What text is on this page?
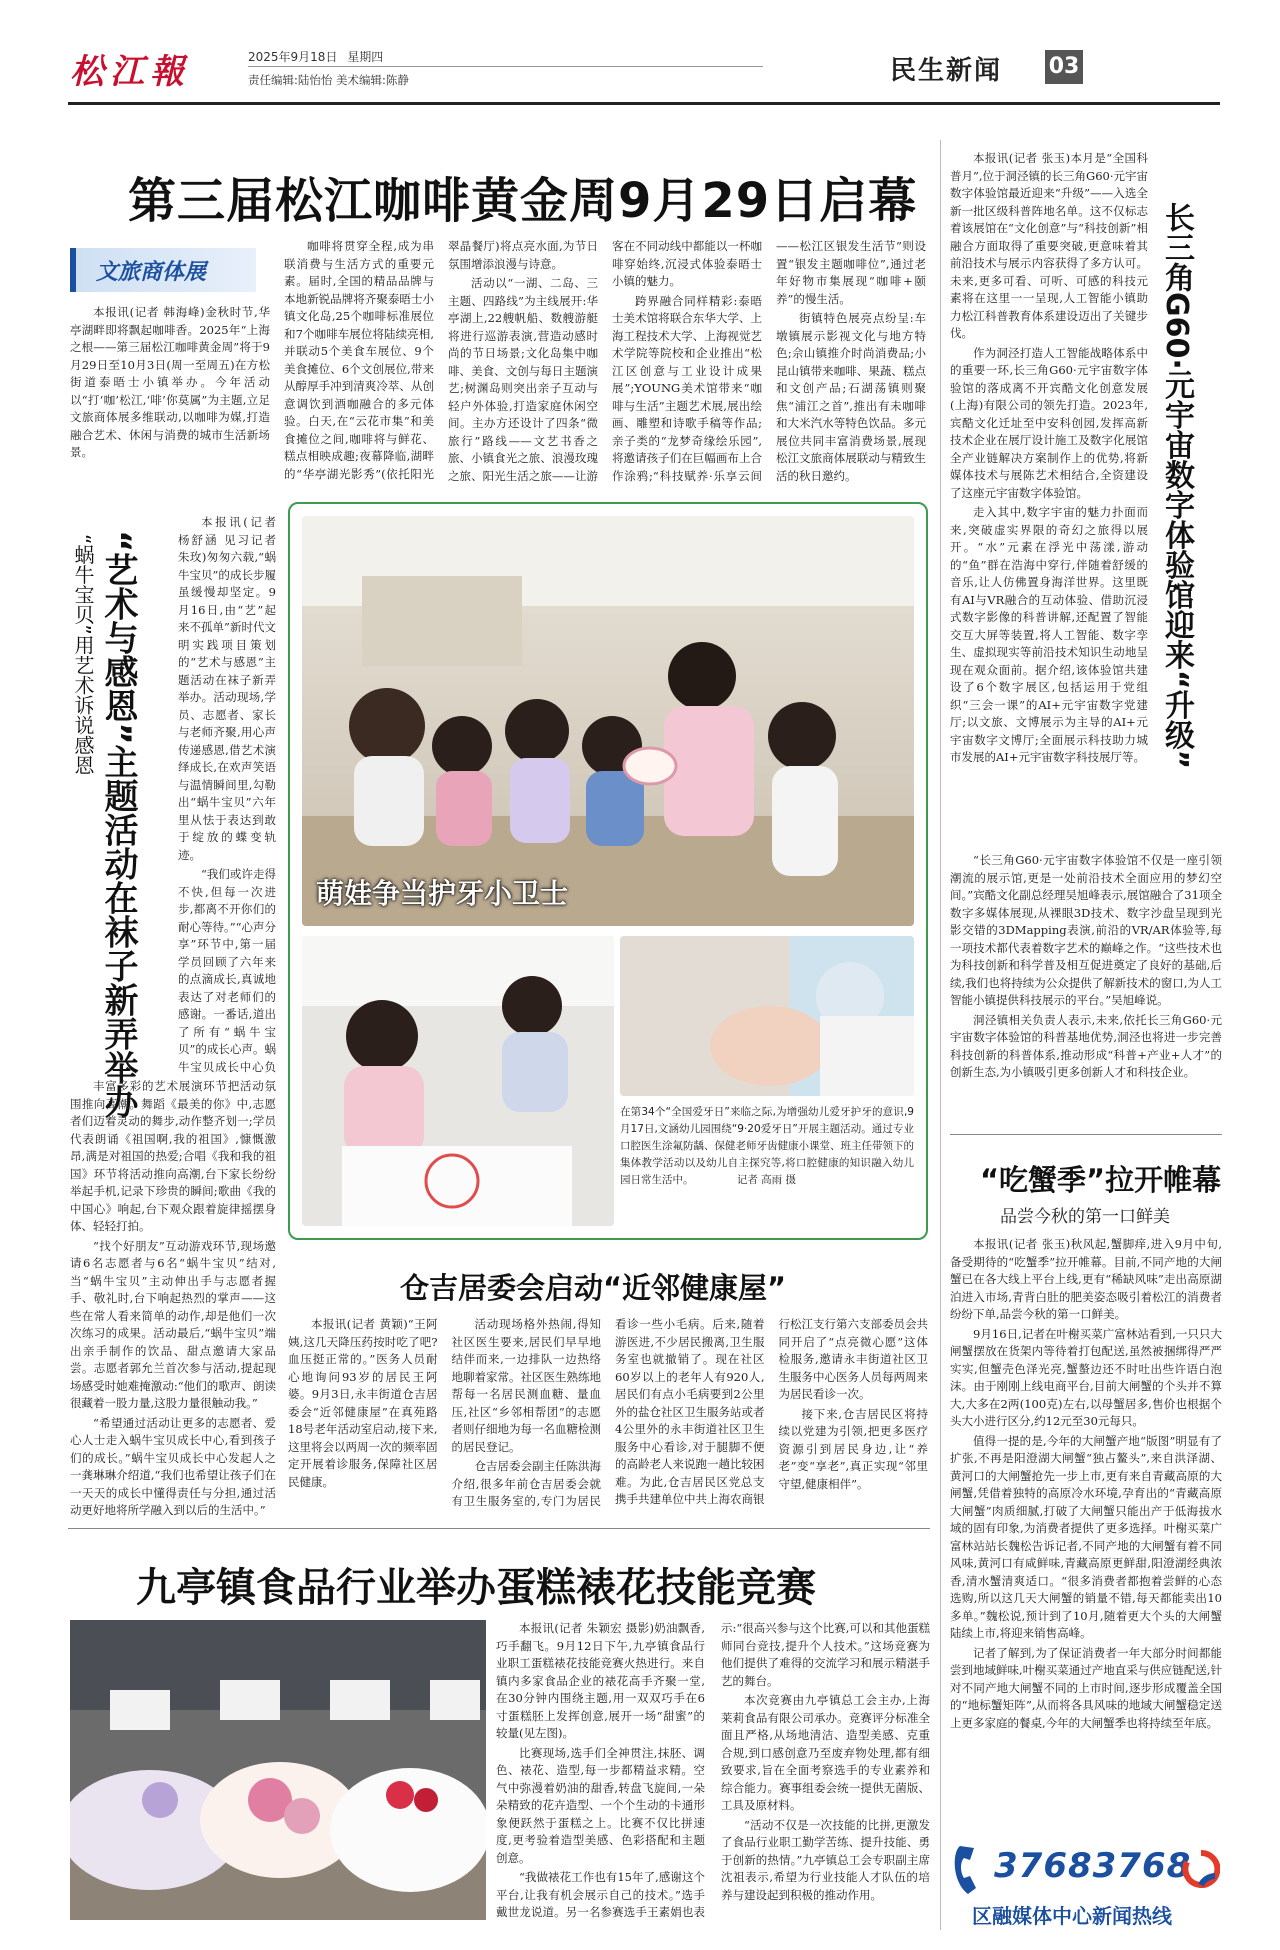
松江報	2025年9月18日 星期四
责任编辑:陆怡怡 美术编辑:陈静	民生新闻 03
第三届松江咖啡黄金周9月29日启幕
文旅商体展

本报讯(记者 韩海峰)金秋时节,华亭湖畔即将飘起咖啡香。2025年“上海之根——第三届松江咖啡黄金周”将于9月29日至10月3日(周一至周五)在方松街道泰晤士小镇举办。今年活动以“打‘咖’松江,‘啡’你莫属”为主题,立足文旅商体展多维联动,以咖啡为媒,打造融合艺术、休闲与消费的城市生活新场景。

咖啡将贯穿全程,成为串联消费与生活方式的重要元素。届时,全国的精品品牌与本地新锐品牌将齐聚泰晤士小镇文化岛,25个咖啡标准展位和7个咖啡车展位将陆续亮相,并联动5个美食车展位、9个美食摊位、6个文创展位,带来从醇厚手冲到清爽冷萃、从创意调饮到酒咖融合的多元体验。白天,在“云花市集”和美食摊位之间,咖啡将与鲜花、糕点相映成趣;夜幕降临,湖畔的“华亭湖光影秀”(依托阳光翠晶餐厅)将点亮水面,为节日氛围增添浪漫与诗意。

活动以“一湖、二岛、三主题、四路线”为主线展开:华亭湖上,22艘帆船、数艘游艇将进行巡游表演,营造动感时尚的节日场景;文化岛集中咖啡、美食、文创与每日主题演艺;树渊岛则突出亲子互动与轻户外体验,打造家庭休闲空间。主办方还设计了四条“微旅行”路线——文艺书香之旅、小镇食光之旅、浪漫玫瑰之旅、阳光生活之旅——让游客在不同动线中都能以一杯咖啡穿始终,沉浸式体验泰晤士小镇的魅力。

跨界融合同样精彩:泰晤士美术馆将联合东华大学、上海工程技术大学、上海视觉艺术学院等院校和企业推出“松江区创意与工业设计成果展”;YOUNG美术馆带来“咖啡与生活”主题艺术展,展出绘画、雕塑和诗歌手稿等作品;亲子类的“龙梦奇缘绘乐园”,将邀请孩子们在巨幅画布上合作涂鸦;“科技赋养·乐享云间——松江区银发生活节”则设置“银发主题咖啡位”,通过老年好物市集展现“咖啡+颐养”的慢生活。

街镇特色展亮点纷呈:车墩镇展示影视文化与地方特色;佘山镇推介时尚消费品;小昆山镇带来咖啡、果蔬、糕点和文创产品;石湖荡镇则聚焦“浦江之首”,推出有未咖啡和大米汽水等特色饮品。多元展位共同丰富消费场景,展现松江文旅商体展联动与精致生活的秋日邀约。

“艺术与感恩”主题活动在袜子新弄举办
“蜗牛宝贝”用艺术诉说感恩

本报讯(记者 杨舒涵 见习记者 朱玫)匆匆六载,“蜗牛宝贝”的成长步履虽缓慢却坚定。9月16日,由“艺”起来不孤单”新时代文明实践项目策划的“艺术与感恩”主题活动在袜子新弄举办。活动现场,学员、志愿者、家长与老师齐聚,用心声传递感恩,借艺术演绎成长,在欢声笑语与温情瞬间里,勾勒出“蜗牛宝贝”六年里从怯于表达到敢于绽放的蝶变轨迹。

“我们或许走得不快,但每一次进步,都离不开你们的耐心等待。”“心声分享”环节中,第一届学员回顾了六年来的点滴成长,真诚地表达了对老师们的感谢。一番话,道出了所有“蜗牛宝贝”的成长心声。蜗牛宝贝成长中心负

丰富多彩的艺术展演环节把活动氛围推向高潮。舞蹈《最美的你》中,志愿者们迈着灵动的舞步,动作整齐划一;学员代表朗诵《祖国啊,我的祖国》,慷慨激昂,满是对祖国的热爱;合唱《我和我的祖国》环节将活动推向高潮,台下家长纷纷举起手机,记录下珍贵的瞬间;歌曲《我的中国心》响起,台下观众跟着旋律摇摆身体、轻轻打拍。

“找个好朋友”互动游戏环节,现场邀请6名志愿者与6名“蜗牛宝贝”结对,当“蜗牛宝贝”主动伸出手与志愿者握手、敬礼时,台下响起热烈的掌声——这些在常人看来简单的动作,却是他们一次次练习的成果。活动最后,“蜗牛宝贝”端出亲手制作的饮品、甜点邀请大家品尝。志愿者郭允兰首次参与活动,提起现场感受时她难掩激动:“他们的歌声、朗读很藏着一股力量,这股力量很触动我。”

“希望通过活动让更多的志愿者、爱心人士走入蜗牛宝贝成长中心,看到孩子们的成长。”蜗牛宝贝成长中心发起人之一龚琳琳介绍道,“我们也希望让孩子们在一天天的成长中懂得责任与分担,通过活动更好地将所学融入到以后的生活中。”

萌娃争当护牙小卫士
在第34个“全国爱牙日”来临之际,为增强幼儿爱牙护牙的意识,9月17日,文涵幼儿园围绕“9·20爱牙日”开展主题活动。通过专业口腔医生涂氟防龋、保健老师牙齿健康小课堂、班主任带领下的集体教学活动以及幼儿自主探究等,将口腔健康的知识融入幼儿园日常生活中。	记者 高雨 摄
仓吉居委会启动“近邻健康屋”

本报讯(记者 黄颖)“王阿姨,这几天降压药按时吃了吧?血压挺正常的。”医务人员耐心地询问93岁的居民王阿婆。9月3日,永丰街道仓吉居委会“近邻健康屋”在真苑路18号老年活动室启动,接下来,这里将会以两周一次的频率固定开展着诊服务,保障社区居民健康。

活动现场格外热闹,得知社区医生要来,居民们早早地结伴而来,一边排队一边热络地聊着家常。社区医生熟练地帮每一名居民测血糖、量血压,社区“乡邻相帮团”的志愿者则仔细地为每一名血糖检测的居民登记。

仓吉居委会副主任陈洪海介绍,很多年前仓吉居委会就有卫生服务室的,专门为居民看诊一些小毛病。后来,随着游医进,不少居民搬离,卫生服务室也就撤销了。现在社区60岁以上的老年人有920人,居民们有点小毛病要到2公里外的盐仓社区卫生服务站或者4公里外的永丰街道社区卫生服务中心看诊,对于腿脚不便的高龄老人来说跑一趟比较困难。为此,仓吉居民区党总支携手共建单位中共上海农商银行松江支行第六支部委员会共同开启了“点亮微心愿”这体检服务,邀请永丰街道社区卫生服务中心医务人员每两周来为居民看诊一次。

接下来,仓吉居民区将持续以党建为引领,把更多医疗资源引到居民身边,让“养老”变“享老”,真正实现“邻里守望,健康相伴”。

九亭镇食品行业举办蛋糕裱花技能竞赛

本报讯(记者 朱颖宏 摄影)奶油飘香,巧手翻飞。9月12日下午,九亭镇食品行业职工蛋糕裱花技能竞赛火热进行。来自镇内多家食品企业的裱花高手齐聚一堂,在30分钟内围绕主题,用一双双巧手在6寸蛋糕胚上发挥创意,展开一场“甜蜜”的较量(见左图)。

比赛现场,选手们全神贯注,抹胚、调色、裱花、造型,每一步都精益求精。空气中弥漫着奶油的甜香,转盘飞旋间,一朵朵精致的花卉造型、一个个生动的卡通形象便跃然于蛋糕之上。比赛不仅比拼速度,更考验着造型美感、色彩搭配和主题创意。

“我做裱花工作也有15年了,感谢这个平台,让我有机会展示自己的技术。”选手戴世龙说道。另一名参赛选手王素娟也表示:“很高兴参与这个比赛,可以和其他蛋糕师同台竞技,提升个人技术。”这场竞赛为他们提供了难得的交流学习和展示精湛手艺的舞台。

本次竞赛由九亭镇总工会主办,上海莱莉食品有限公司承办。竞赛评分标准全面且严格,从场地清洁、造型美感、克重合规,到口感创意乃至废弃物处理,都有细致要求,旨在全面考察选手的专业素养和综合能力。赛事组委会统一提供无菌版、工具及原材料。

“活动不仅是一次技能的比拼,更激发了食品行业职工勤学苦练、提升技能、勇于创新的热情。”九亭镇总工会专职副主席沈祖表示,希望为行业技能人才队伍的培养与建设起到积极的推动作用。

长三角G60·元宇宙数字体验馆迎来“升级”

本报讯(记者 张玉)本月是“全国科普月”,位于洞泾镇的长三角G60·元宇宙数字体验馆最近迎来“升级”——入选全新一批区级科普阵地名单。这不仅标志着该展馆在“文化创意”与“科技创新”相融合方面取得了重要突破,更意味着其前沿技术与展示内容获得了多方认可。未来,更多可看、可听、可感的科技元素将在这里一一呈现,人工智能小镇助力松江科普教育体系建设迈出了关键步伐。

作为洞泾打造人工智能战略体系中的重要一环,长三角G60·元宇宙数字体验馆的落成离不开宾酷文化创意发展(上海)有限公司的领先打造。2023年,宾酷文化迁址至中安科创园,发挥高新技术企业在展厅设计施工及数字化展馆全产业链解决方案制作上的优势,将新媒体技术与展陈艺术相结合,全资建设了这座元宇宙数字体验馆。

走入其中,数字宇宙的魅力扑面而来,突破虚实界限的奇幻之旅得以展开。“水”元素在浮光中荡漾,游动的“鱼”群在浩海中穿行,伴随着舒缓的音乐,让人仿佛置身海洋世界。这里既有AI与VR融合的互动体验、借助沉浸式数字影像的科普讲解,还配置了智能交互大屏等装置,将人工智能、数字孪生、虚拟现实等前沿技术知识生动地呈现在观众面前。据介绍,该体验馆共建设了6个数字展区,包括运用于党组织“三会一课”的AI+元宇宙数字党建厅;以文旅、文博展示为主导的AI+元宇宙数字文博厅;全面展示科技助力城市发展的AI+元宇宙数字科技展厅等。

“长三角G60·元宇宙数字体验馆不仅是一座引领潮流的展示馆,更是一处前沿技术全面应用的梦幻空间。”宾酷文化副总经理吴旭峰表示,展馆融合了31项全数字多媒体展现,从裸眼3D技术、数字沙盘呈现到光影交错的3DMapping表演,前沿的VR/AR体验等,每一项技术都代表着数字艺术的巅峰之作。“这些技术也为科技创新和科学普及相互促进奠定了良好的基础,后续,我们也将持续为公众提供了解新技术的窗口,为人工智能小镇提供科技展示的平台。”吴旭峰说。

洞泾镇相关负责人表示,未来,依托长三角G60·元宇宙数字体验馆的科普基地优势,洞泾也将进一步完善科技创新的科普体系,推动形成“科普+产业+人才”的创新生态,为小镇吸引更多创新人才和科技企业。

“吃蟹季”拉开帷幕
品尝今秋的第一口鲜美

本报讯(记者 张玉)秋风起,蟹脚痒,进入9月中旬,备受期待的“吃蟹季”拉开帷幕。目前,不同产地的大闸蟹已在各大线上平台上线,更有“稀缺风味”走出高原湖泊进入市场,青背白肚的肥美姿态吸引着松江的消费者纷纷下单,品尝今秋的第一口鲜美。

9月16日,记者在叶榭买菜广富林站看到,一只只大闸蟹摆放在货架内等待着打包配送,虽然被捆绑得严严实实,但蟹壳色泽光亮,蟹螯边还不时吐出些许语白泡沫。由于刚刚上线电商平台,目前大闸蟹的个头并不算大,大多在2两(100克)左右,以母蟹居多,售价也根据个头大小进行区分,约12元至30元每只。

值得一提的是,今年的大闸蟹产地“版图”明显有了扩张,不再是阳澄湖大闸蟹“独占鳌头”,来自洪泽湖、黄河口的大闸蟹抢先一步上市,更有来自青藏高原的大闸蟹,凭借着独特的高原冷水环境,孕育出的“青藏高原大闸蟹”肉质细腻,打破了大闸蟹只能出产于低海拔水域的固有印象,为消费者提供了更多选择。叶榭买菜广富林站站长魏松告诉记者,不同产地的大闸蟹有着不同风味,黄河口有咸鲜味,青藏高原更鲜甜,阳澄湖经典浓香,清水蟹清爽适口。“很多消费者都抱着尝鲜的心态选购,所以这几天大闸蟹的销量不错,每天都能卖出10多单。”魏松说,预计到了10月,随着更大个头的大闸蟹陆续上市,将迎来销售高峰。

记者了解到,为了保证消费者一年大部分时间都能尝到地域鲜味,叶榭买菜通过产地直采与供应链配送,针对不同产地大闸蟹不同的上市时间,逐步形成覆盖全国的“地标蟹矩阵”,从而将各具风味的地域大闸蟹稳定送上更多家庭的餐桌,今年的大闸蟹季也将持续至年底。

37683768
区融媒体中心新闻热线
